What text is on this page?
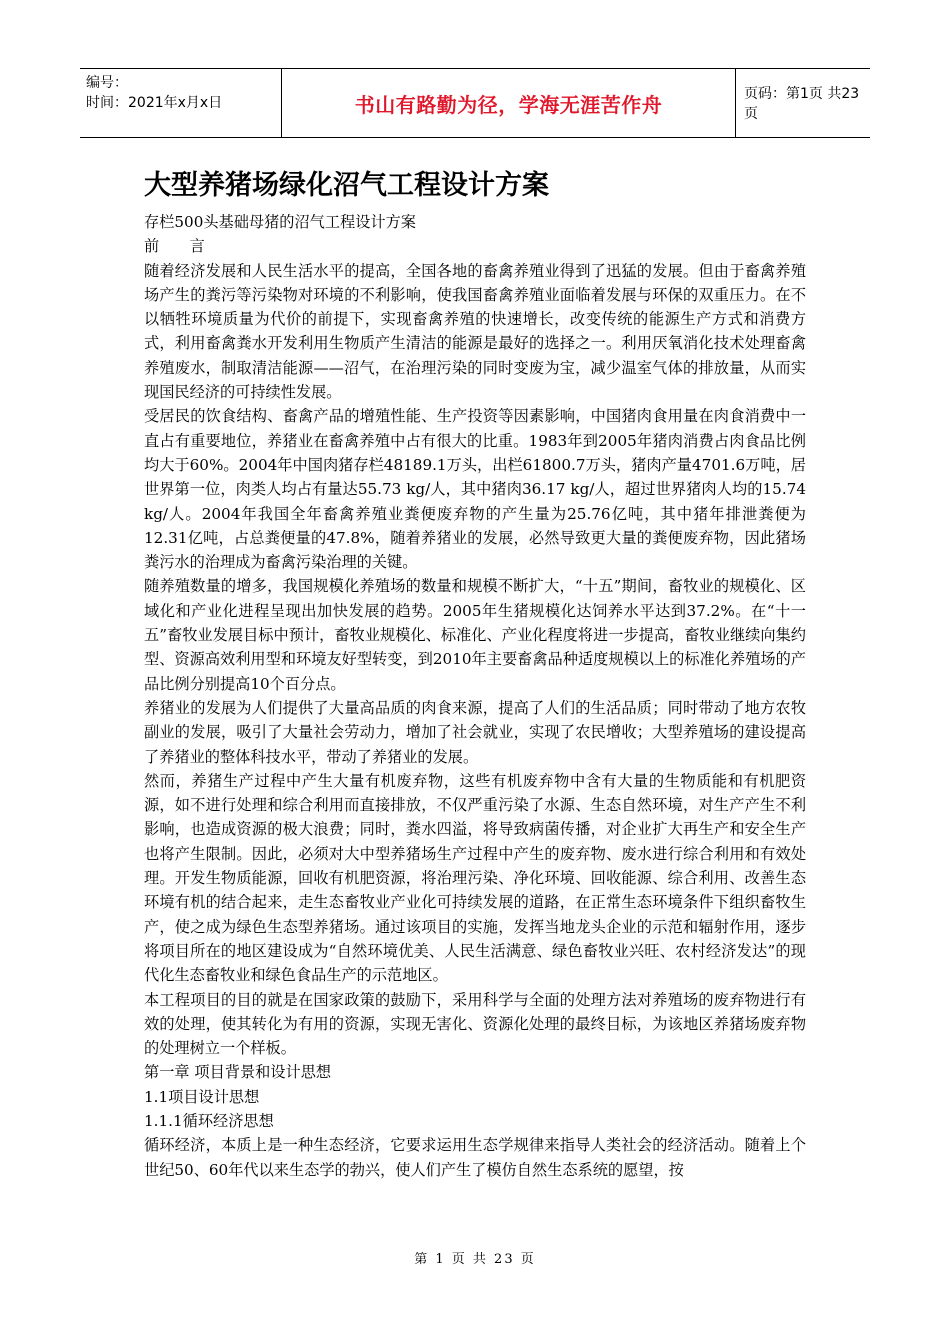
编号：
时间：2021年x月x日	书山有路勤为径，学海无涯苦作舟	页码：第1页 共23页
大型养猪场绿化沼气工程设计方案

存栏500头基础母猪的沼气工程设计方案

前　　言

随着经济发展和人民生活水平的提高，全国各地的畜禽养殖业得到了迅猛的发展。但由于畜禽养殖场产生的粪污等污染物对环境的不利影响，使我国畜禽养殖业面临着发展与环保的双重压力。在不以牺牲环境质量为代价的前提下，实现畜禽养殖的快速增长，改变传统的能源生产方式和消费方式，利用畜禽粪水开发利用生物质产生清洁的能源是最好的选择之一。利用厌氧消化技术处理畜禽养殖废水，制取清洁能源——沼气，在治理污染的同时变废为宝，减少温室气体的排放量，从而实现国民经济的可持续性发展。

受居民的饮食结构、畜禽产品的增殖性能、生产投资等因素影响，中国猪肉食用量在肉食消费中一直占有重要地位，养猪业在畜禽养殖中占有很大的比重。1983年到2005年猪肉消费占肉食品比例均大于60%。2004年中国肉猪存栏48189.1万头，出栏61800.7万头，猪肉产量4701.6万吨，居世界第一位，肉类人均占有量达55.73 kg/人，其中猪肉36.17 kg/人，超过世界猪肉人均的15.74 kg/人。2004年我国全年畜禽养殖业粪便废弃物的产生量为25.76亿吨，其中猪年排泄粪便为12.31亿吨，占总粪便量的47.8%，随着养猪业的发展，必然导致更大量的粪便废弃物，因此猪场粪污水的治理成为畜禽污染治理的关键。

随养殖数量的增多，我国规模化养殖场的数量和规模不断扩大，“十五”期间，畜牧业的规模化、区域化和产业化进程呈现出加快发展的趋势。2005年生猪规模化达饲养水平达到37.2%。在“十一五”畜牧业发展目标中预计，畜牧业规模化、标准化、产业化程度将进一步提高，畜牧业继续向集约型、资源高效利用型和环境友好型转变，到2010年主要畜禽品种适度规模以上的标准化养殖场的产品比例分别提高10个百分点。

养猪业的发展为人们提供了大量高品质的肉食来源，提高了人们的生活品质；同时带动了地方农牧副业的发展，吸引了大量社会劳动力，增加了社会就业，实现了农民增收；大型养殖场的建设提高了养猪业的整体科技水平，带动了养猪业的发展。

然而，养猪生产过程中产生大量有机废弃物，这些有机废弃物中含有大量的生物质能和有机肥资源，如不进行处理和综合利用而直接排放，不仅严重污染了水源、生态自然环境，对生产产生不利影响，也造成资源的极大浪费；同时，粪水四溢，将导致病菌传播，对企业扩大再生产和安全生产也将产生限制。因此，必须对大中型养猪场生产过程中产生的废弃物、废水进行综合利用和有效处理。开发生物质能源，回收有机肥资源，将治理污染、净化环境、回收能源、综合利用、改善生态环境有机的结合起来，走生态畜牧业产业化可持续发展的道路，在正常生态环境条件下组织畜牧生产，使之成为绿色生态型养猪场。通过该项目的实施，发挥当地龙头企业的示范和辐射作用，逐步将项目所在的地区建设成为“自然环境优美、人民生活满意、绿色畜牧业兴旺、农村经济发达”的现代化生态畜牧业和绿色食品生产的示范地区。

本工程项目的目的就是在国家政策的鼓励下，采用科学与全面的处理方法对养殖场的废弃物进行有效的处理，使其转化为有用的资源，实现无害化、资源化处理的最终目标，为该地区养猪场废弃物的处理树立一个样板。

第一章 项目背景和设计思想

1.1项目设计思想

1.1.1循环经济思想

循环经济，本质上是一种生态经济，它要求运用生态学规律来指导人类社会的经济活动。随着上个世纪50、60年代以来生态学的勃兴，使人们产生了模仿自然生态系统的愿望，按

第 1 页 共 23 页
